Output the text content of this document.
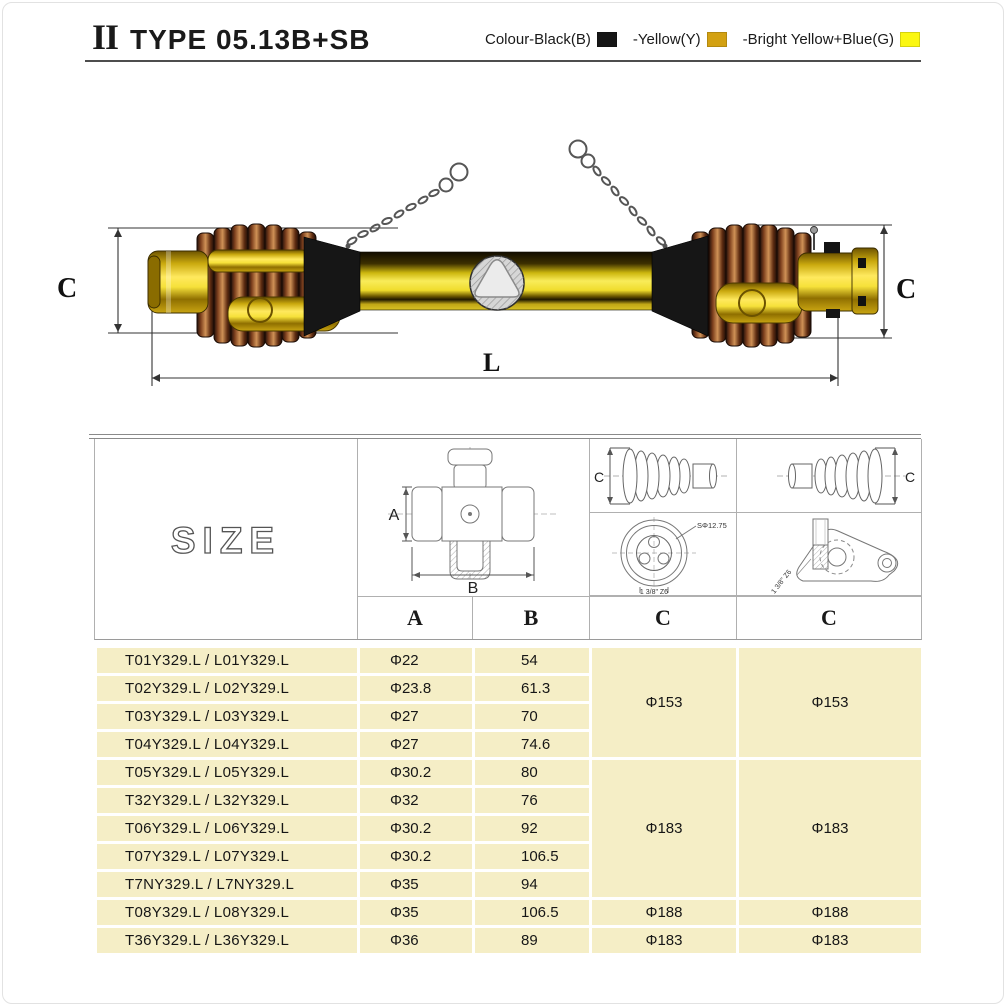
II TYPE 05.13B+SB	Colour-Black(B)	-Yellow(Y)	-Bright Yellow+Blue(G)
C	C
L
SIZE
A
B
C	C
SΦ12.75
1 3/8" Z6	1 3/8" Z6
A	B	C	C
T01Y329.L / L01Y329.L	Φ22	54	Φ153	Φ153
T02Y329.L / L02Y329.L	Φ23.8	61.3		
T03Y329.L / L03Y329.L	Φ27	70		
T04Y329.L / L04Y329.L	Φ27	74.6		
T05Y329.L / L05Y329.L	Φ30.2	80	Φ183	Φ183
T32Y329.L / L32Y329.L	Φ32	76		
T06Y329.L / L06Y329.L	Φ30.2	92		
T07Y329.L / L07Y329.L	Φ30.2	106.5		
T7NY329.L / L7NY329.L	Φ35	94		
T08Y329.L / L08Y329.L	Φ35	106.5	Φ188	Φ188
T36Y329.L / L36Y329.L	Φ36	89	Φ183	Φ183
